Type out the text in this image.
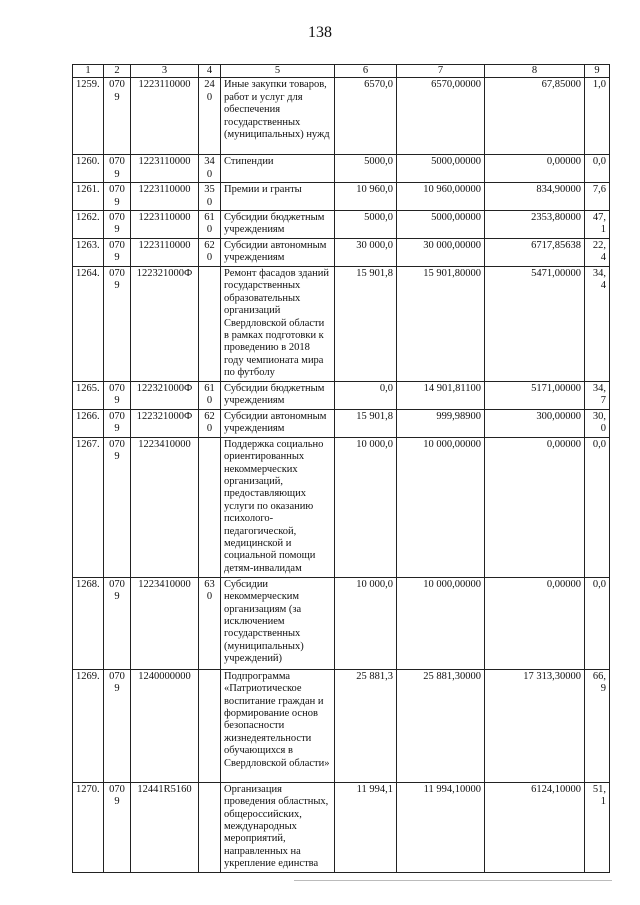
138
1	2	3	4	5	6	7	8	9
1259.	0709	1223110000	240	Иные закупки товаров, работ и услуг для обеспечения государственных (муниципальных) нужд	6570,0	6570,00000	67,85000	1,0
1260.	0709	1223110000	340	Стипендии	5000,0	5000,00000	0,00000	0,0
1261.	0709	1223110000	350	Премии и гранты	10 960,0	10 960,00000	834,90000	7,6
1262.	0709	1223110000	610	Субсидии бюджетным учреждениям	5000,0	5000,00000	2353,80000	47,1
1263.	0709	1223110000	620	Субсидии автономным учреждениям	30 000,0	30 000,00000	6717,85638	22,4
1264.	0709	122321000Ф		Ремонт фасадов зданий государственных образовательных организаций Свердловской области в рамках подготовки к проведению в 2018 году чемпионата мира по футболу	15 901,8	15 901,80000	5471,00000	34,4
1265.	0709	122321000Ф	610	Субсидии бюджетным учреждениям	0,0	14 901,81100	5171,00000	34,7
1266.	0709	122321000Ф	620	Субсидии автономным учреждениям	15 901,8	999,98900	300,00000	30,0
1267.	0709	1223410000		Поддержка социально ориентированных некоммерческих организаций, предоставляющих услуги по оказанию психолого-педагогической, медицинской и социальной помощи детям-инвалидам	10 000,0	10 000,00000	0,00000	0,0
1268.	0709	1223410000	630	Субсидии некоммерческим организациям (за исключением государственных (муниципальных) учреждений)	10 000,0	10 000,00000	0,00000	0,0
1269.	0709	1240000000		Подпрограмма «Патриотическое воспитание граждан и формирование основ безопасности жизнедеятельности обучающихся в Свердловской области»	25 881,3	25 881,30000	17 313,30000	66,9
1270.	0709	12441R5160		Организация проведения областных, общероссийских, международных мероприятий, направленных на укрепление единства	11 994,1	11 994,10000	6124,10000	51,1
